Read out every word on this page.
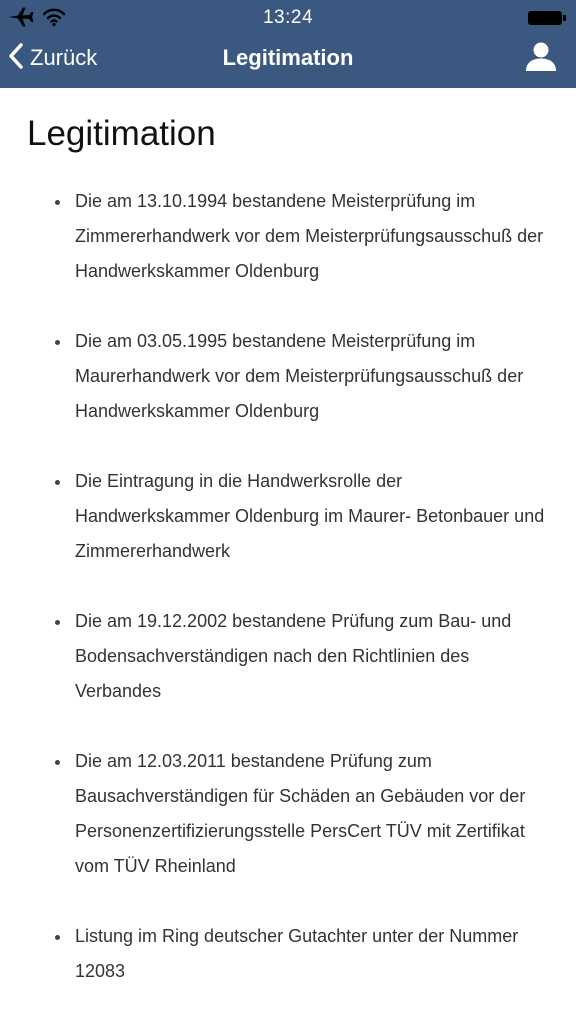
13:24
Zurück	Legitimation
Legitimation
Die am 13.10.1994 bestandene Meisterprüfung im Zimmererhandwerk vor dem Meisterprüfungsausschuß der Handwerkskammer Oldenburg
Die am 03.05.1995 bestandene Meisterprüfung im Maurerhandwerk vor dem Meisterprüfungsausschuß der Handwerkskammer Oldenburg
Die Eintragung in die Handwerksrolle der Handwerkskammer Oldenburg im Maurer- Betonbauer und Zimmererhandwerk
Die am 19.12.2002 bestandene Prüfung zum Bau- und Bodensachverständigen nach den Richtlinien des Verbandes
Die am 12.03.2011 bestandene Prüfung zum Bausachverständigen für Schäden an Gebäuden vor der Personenzertifizierungsstelle PersCert TÜV mit Zertifikat vom TÜV Rheinland
Listung im Ring deutscher Gutachter unter der Nummer 12083
